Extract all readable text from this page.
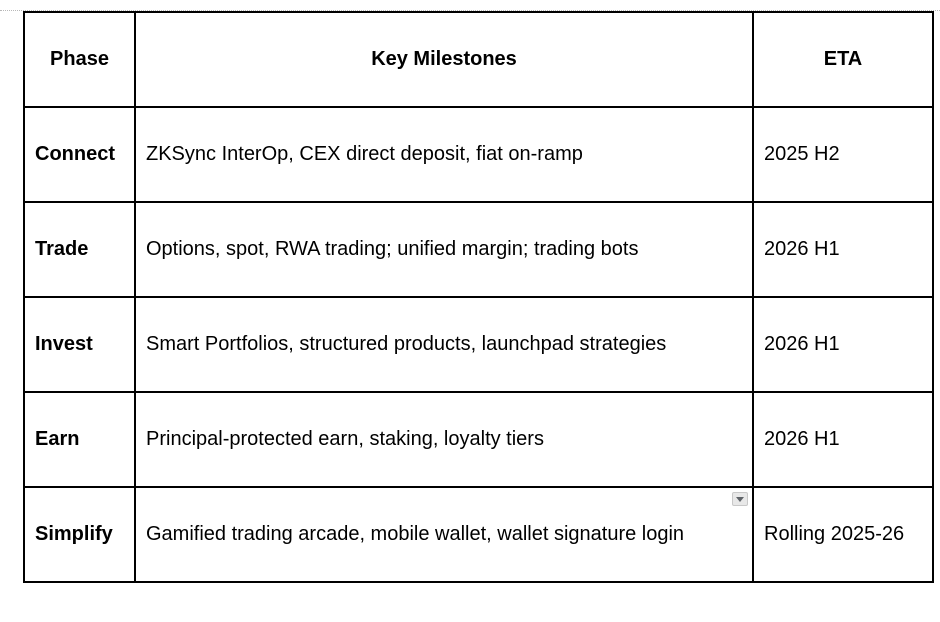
Phase	Key Milestones	ETA
Connect	ZKSync InterOp, CEX direct deposit, fiat on-ramp	2025 H2
Trade	Options, spot, RWA trading; unified margin; trading bots	2026 H1
Invest	Smart Portfolios, structured products, launchpad strategies	2026 H1
Earn	Principal-protected earn, staking, loyalty tiers	2026 H1
Simplify	Gamified trading arcade, mobile wallet, wallet signature login	Rolling 2025-26
